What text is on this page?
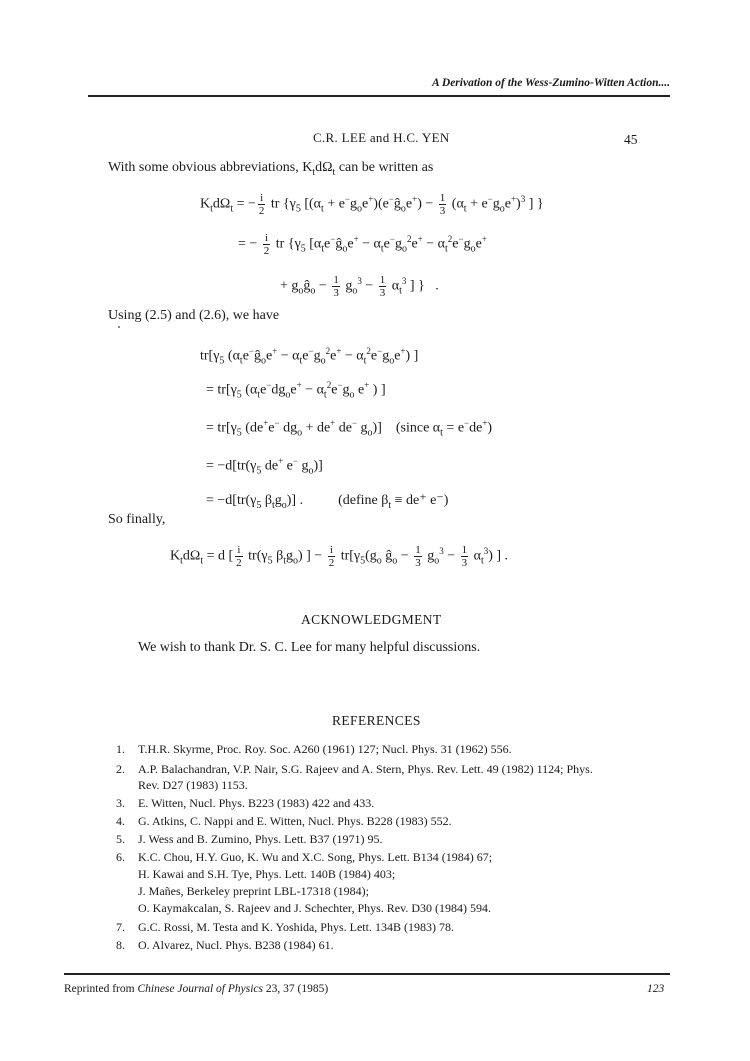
A Derivation of the Wess-Zumino-Witten Action....
C.R. LEE and H.C. YEN	45
With some obvious abbreviations, $K_td\Omega_t$ can be written as
$K_td\Omega_t$ = − $\frac{i}{2}$ tr {$\gamma_5$ [($\alpha_t$ + $e^-g_oe^+)(e^-ĝ_oe^+) - \frac{1}{3} (\alpha_t + e^-g_oe^+)^3$ ] }
= − $\frac{i}{2}$ tr {$\gamma_5$ [$\alpha_te^-ĝ_oe^+ - \alpha_te^-g_o^2e^+ - \alpha_t^2e^-g_oe^+$
+ $g_oĝ_o - \frac{1}{3} g_o^3 - \frac{1}{3} \alpha_t^3$ ] }   .
Using (2.5) and (2.6), we have
$tr[\gamma_5$ $(\alpha_te^-ĝ_oe^+ - \alpha_te^-g_o^2e^+ - \alpha_t^2e^-g_oe^+)$ ]
= $tr[\gamma_5$ ($\alpha_te^-dg_oe^+ - \alpha_t^2e^-g_o$ e+ ) ]
= $tr[\gamma_5$ (de+e− $dg_o + de^+$ de− $g_o$)]    (since $\alpha_t = e^-de^+$)
= $-d[tr(\gamma_5$ de+ e− $g_o$)]
= $-d[tr(\gamma_5$ $\beta_tg_o$)] .          (define $\beta_t \equiv de^+$ e⁻)
So finally,
$K_td\Omega_t = d$ [ $\frac{i}{2} tr(\gamma_5$ $\beta_tg_o$) ] − $\frac{i}{2} tr[\gamma_5(g_o$ $ĝ_o - \frac{1}{3} g_o^3 - \frac{1}{3} \alpha_t^3$) ] .
ACKNOWLEDGMENT
We wish to thank Dr. S. C. Lee for many helpful discussions.
REFERENCES
1. T.H.R. Skyrme, Proc. Roy. Soc. A260 (1961) 127; Nucl. Phys. 31 (1962) 556.
2. A.P. Balachandran, V.P. Nair, S.G. Rajeev and A. Stern, Phys. Rev. Lett. 49 (1982) 1124; Phys.
Rev. D27 (1983) 1153.
3. E. Witten, Nucl. Phys. B223 (1983) 422 and 433.
4. G. Atkins, C. Nappi and E. Witten, Nucl. Phys. B228 (1983) 552.
5. J. Wess and B. Zumino, Phys. Lett. B37 (1971) 95.
6. K.C. Chou, H.Y. Guo, K. Wu and X.C. Song, Phys. Lett. B134 (1984) 67;
H. Kawai and S.H. Tye, Phys. Lett. 140B (1984) 403;
J. Mañes, Berkeley preprint LBL-17318 (1984);
O. Kaymakcalan, S. Rajeev and J. Schechter, Phys. Rev. D30 (1984) 594.
7. G.C. Rossi, M. Testa and K. Yoshida, Phys. Lett. 134B (1983) 78.
8. O. Alvarez, Nucl. Phys. B238 (1984) 61.
Reprinted from Chinese Journal of Physics 23, 37 (1985)	123
